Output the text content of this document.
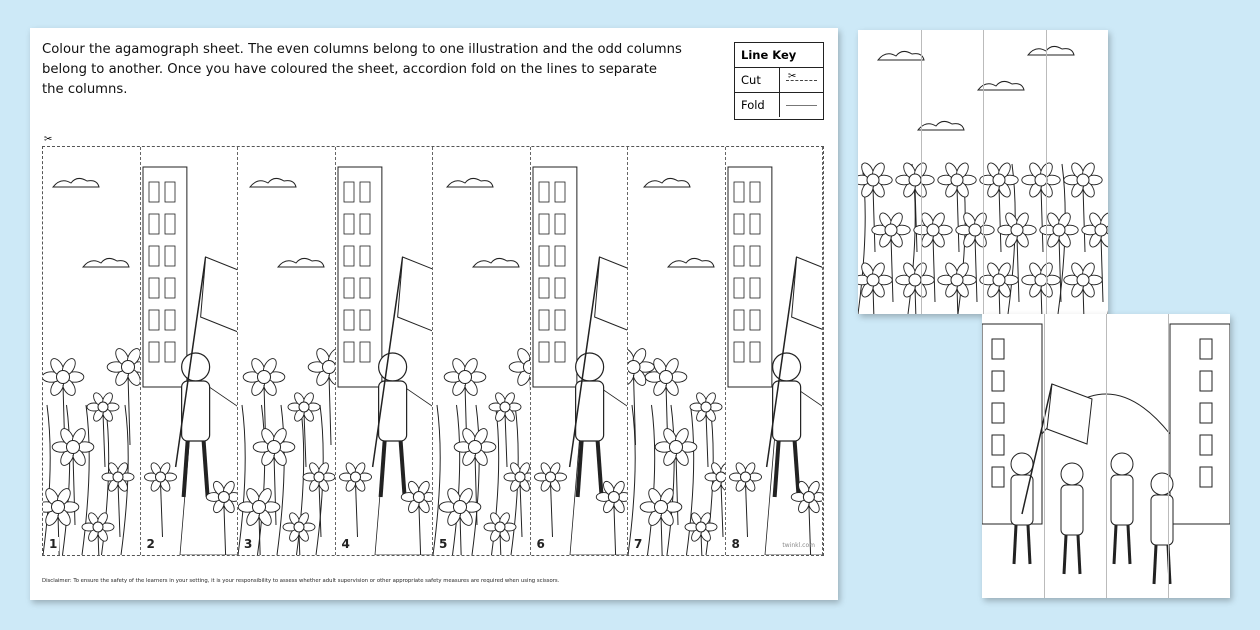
Colour the agamograph sheet. The even columns belong to one illustration and the odd columns belong to another. Once you have coloured the sheet, accordion fold on the lines to separate the columns.
Line Key
Cut	✂
Fold
✂
1	2	3	4	5	6	7	8	twinkl.com
Disclaimer: To ensure the safety of the learners in your setting, it is your responsibility to assess whether adult supervision or other appropriate safety measures are required when using scissors.
